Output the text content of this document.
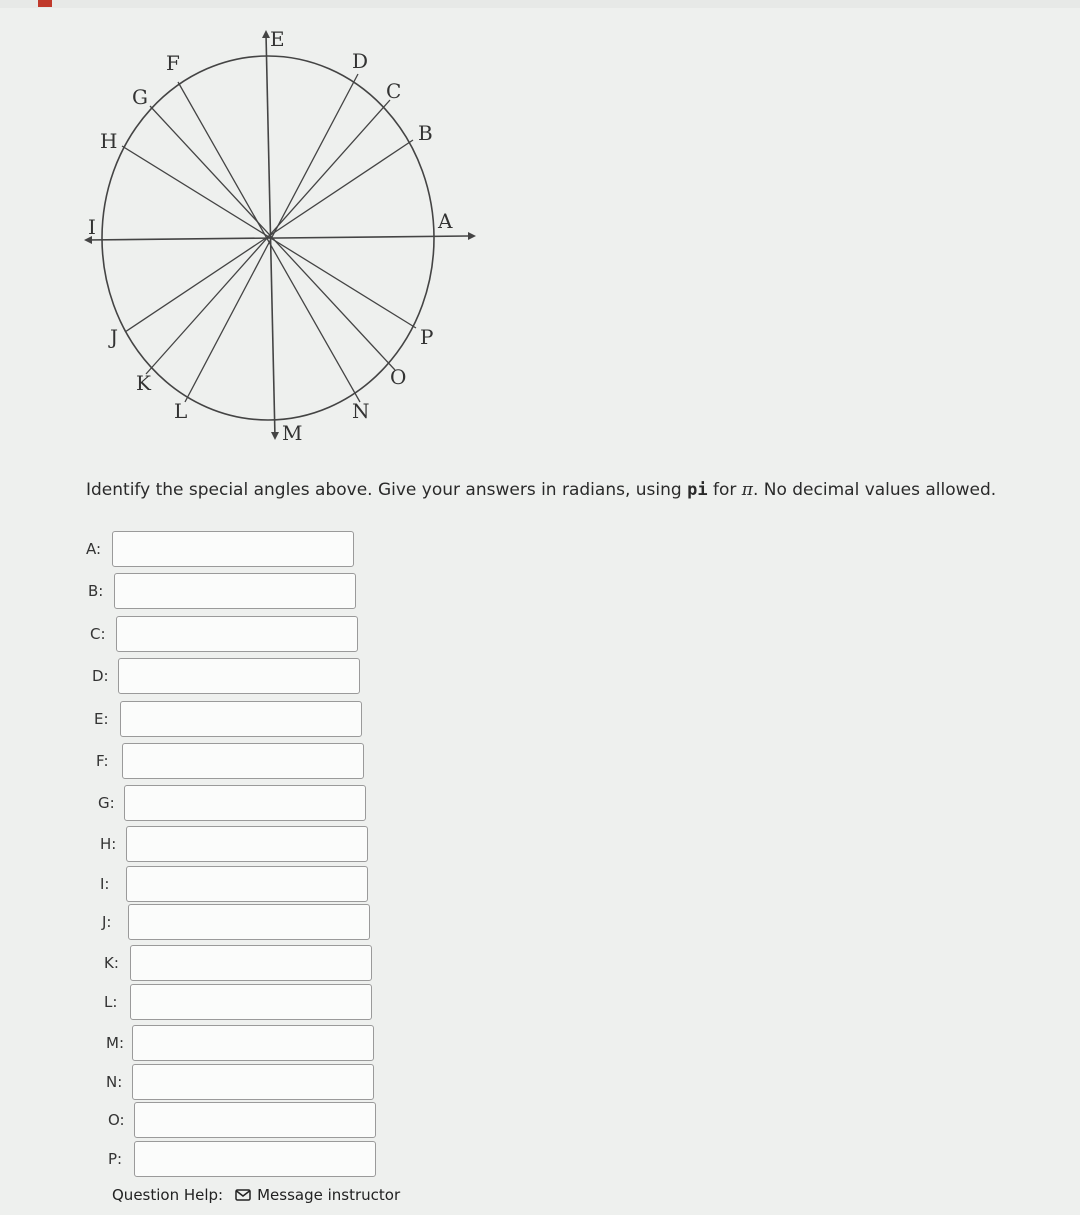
E
D
C
B
A
F
G
H
I
J
K
L
M
N
O
P
Identify the special angles above. Give your answers in radians, using pi for π. No decimal values allowed.
A:
B:
C:
D:
E:
F:
G:
H:
I:
J:
K:
L:
M:
N:
O:
P:
Question Help: Message instructor
